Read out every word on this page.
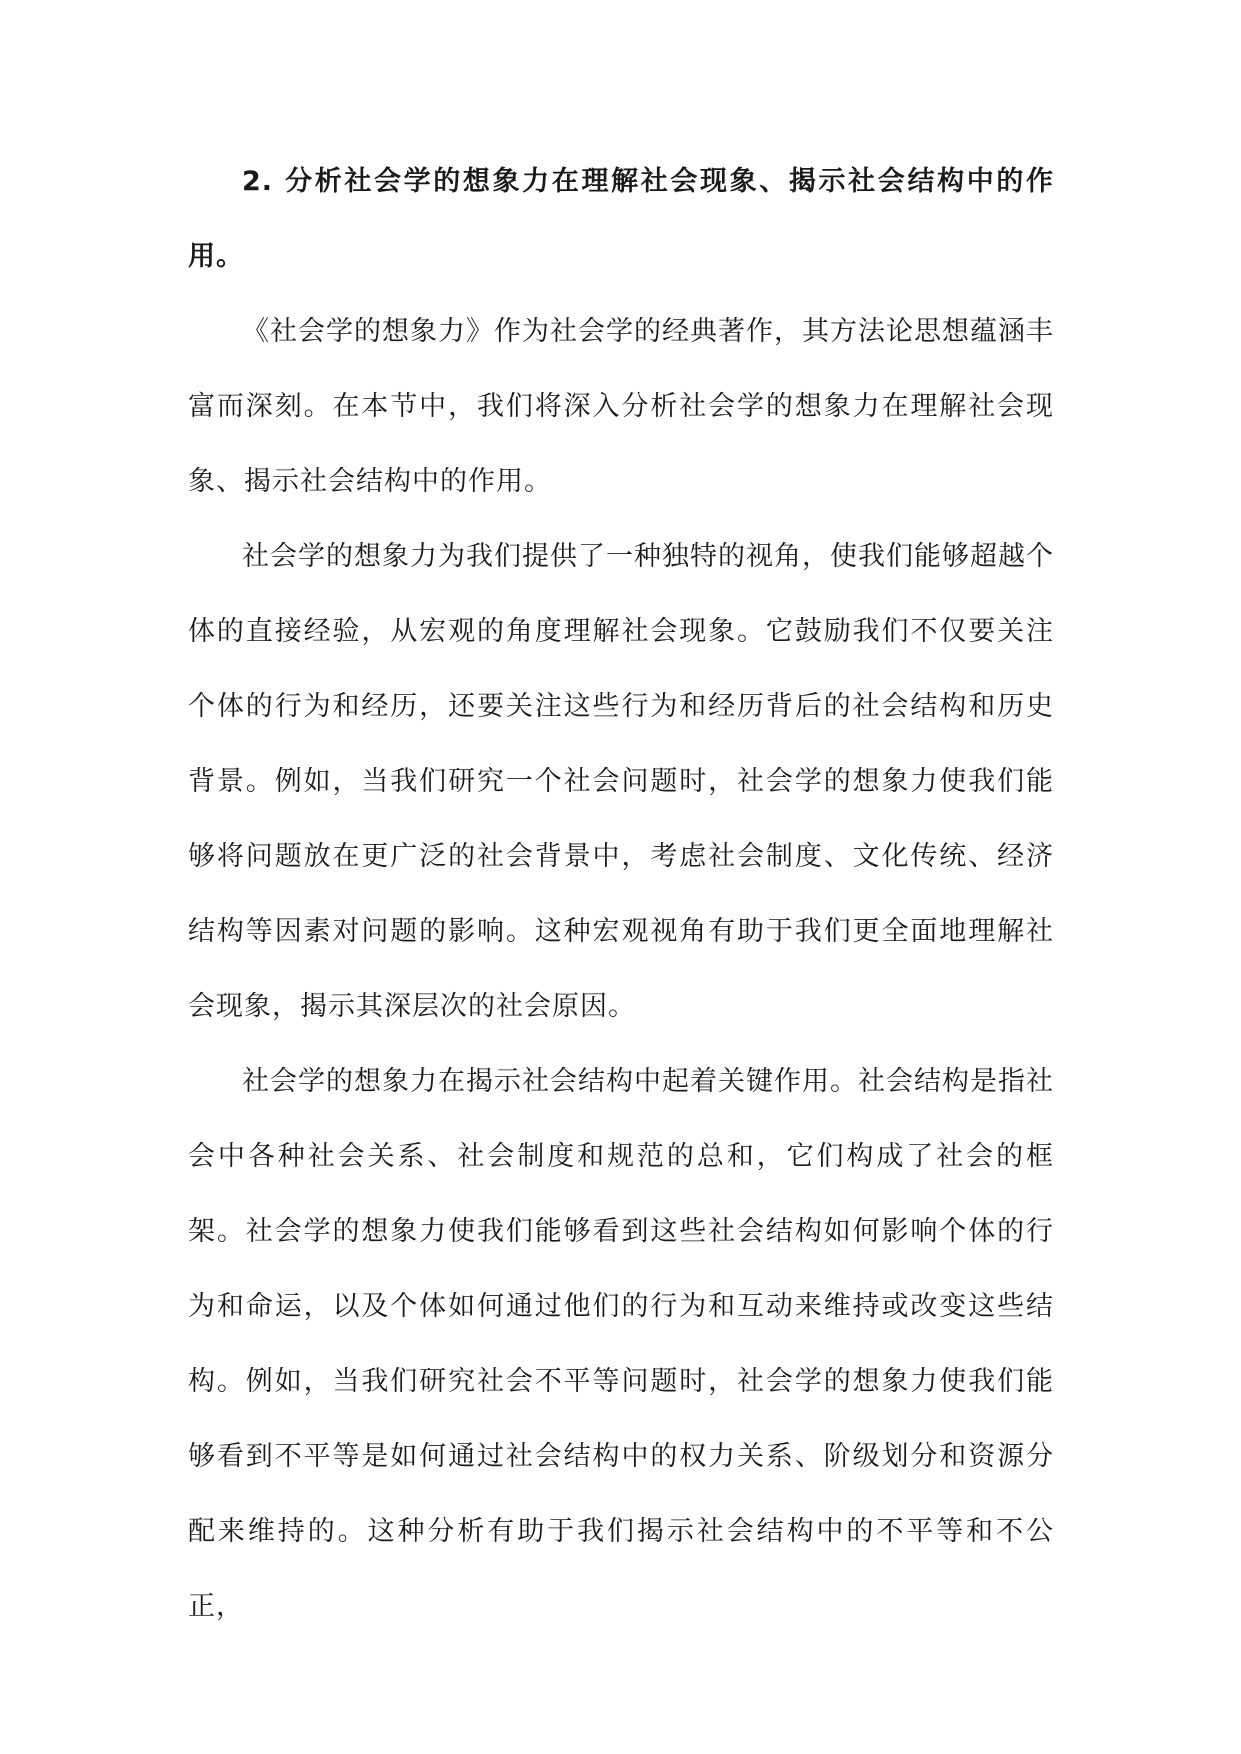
2. 分析社会学的想象力在理解社会现象、揭示社会结构中的作用。

《社会学的想象力》作为社会学的经典著作，其方法论思想蕴涵丰富而深刻。在本节中，我们将深入分析社会学的想象力在理解社会现象、揭示社会结构中的作用。

社会学的想象力为我们提供了一种独特的视角，使我们能够超越个体的直接经验，从宏观的角度理解社会现象。它鼓励我们不仅要关注个体的行为和经历，还要关注这些行为和经历背后的社会结构和历史背景。例如，当我们研究一个社会问题时，社会学的想象力使我们能够将问题放在更广泛的社会背景中，考虑社会制度、文化传统、经济结构等因素对问题的影响。这种宏观视角有助于我们更全面地理解社会现象，揭示其深层次的社会原因。

社会学的想象力在揭示社会结构中起着关键作用。社会结构是指社会中各种社会关系、社会制度和规范的总和，它们构成了社会的框架。社会学的想象力使我们能够看到这些社会结构如何影响个体的行为和命运，以及个体如何通过他们的行为和互动来维持或改变这些结构。例如，当我们研究社会不平等问题时，社会学的想象力使我们能够看到不平等是如何通过社会结构中的权力关系、阶级划分和资源分配来维持的。这种分析有助于我们揭示社会结构中的不平等和不公正，
